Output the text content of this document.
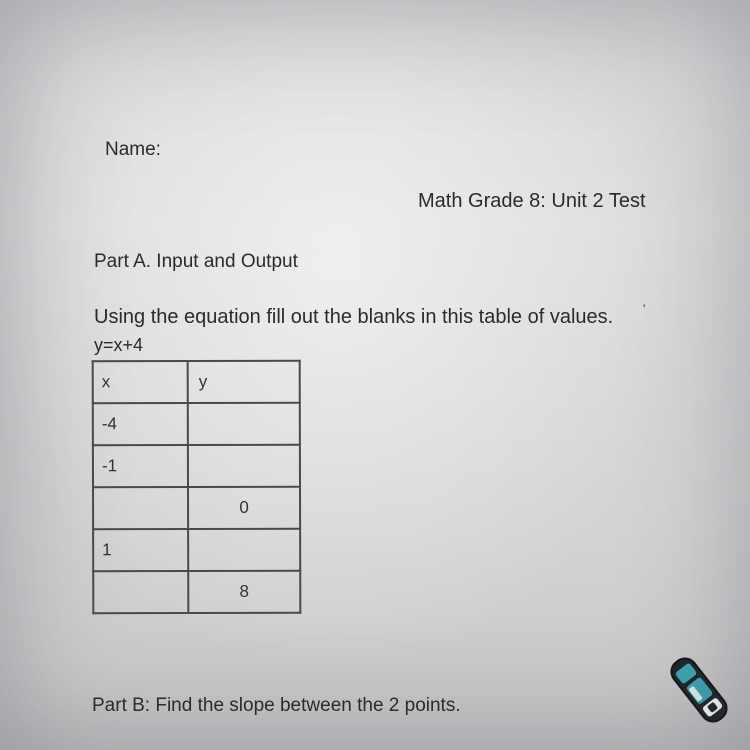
Name:
Math Grade 8: Unit 2 Test
Part A. Input and Output
Using the equation fill out the blanks in this table of values. '
y=x+4
x	y
-4	
-1	
	0
1	
	8
Part B: Find the slope between the 2 points.
